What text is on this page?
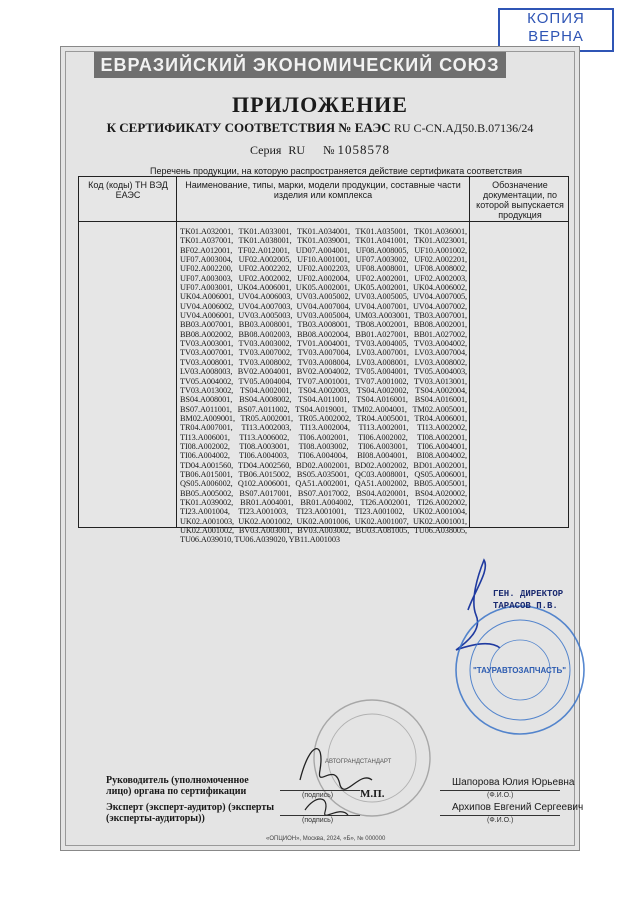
КОПИЯ
ВЕРНА
ЕВРАЗИЙСКИЙ ЭКОНОМИЧЕСКИЙ СОЮЗ
ПРИЛОЖЕНИЕ
К СЕРТИФИКАТУ СООТВЕТСТВИЯ № ЕАЭС RU С-CN.АД50.В.07136/24
Серия RU № 1058578
Перечень продукции, на которую распространяется действие сертификата соответствия
Код (коды) ТН ВЭД ЕАЭС
Наименование, типы, марки, модели продукции, составные части изделия или комплекса
Обозначение документации, по которой выпускается продукция
TK01.A032001, TK01.A033001, TK01.A034001, TK01.A035001, TK01.A036001, TK01.A037001, TK01.A038001, TK01.A039001, TK01.A041001, TK01.A023001, BF02.A012001, TF02.A012001, UD07.A004001, UF08.A008005, UF10.A001002, UF07.A003004, UF02.A002005, UF10.A001001, UF07.A003002, UF02.A002201, UF02.A002200, UF02.A002202, UF02.A002203, UF08.A008001, UF08.A008002, UF07.A003003, UF02.A002002, UF02.A002004, UF02.A002001, UF02.A002003, UF07.A003001, UK04.A006001, UK05.A002001, UK05.A002001, UK04.A006002, UK04.A006001, UV04.A006003, UV03.A005002, UV03.A005005, UV04.A007005, UV04.A006002, UV04.A007003, UV04.A007004, UV04.A007001, UV04.A007002, UV04.A006001, UV03.A005003, UV03.A005004, UM03.A003001, TB03.A007001, BB03.A007001, BB03.A008001, TB03.A008001, TB08.A002001, BB08.A002001, BB08.A002002, BB08.A002003, BB08.A002004, BB01.A027001, BB01.A027002, TV03.A003001, TV03.A003002, TV01.A004001, TV03.A004005, TV03.A004002, TV03.A007001, TV03.A007002, TV03.A007004, LV03.A007001, LV03.A007004, TV03.A008001, TV03.A008002, TV03.A008004, LV03.A008001, LV03.A008002, LV03.A008003, BV02.A004001, BV02.A004002, TV05.A004001, TV05.A004003, TV05.A004002, TV05.A004004, TV07.A001001, TV07.A001002, TV03.A013001, TV03.A013002, TS04.A002001, TS04.A002003, TS04.A002002, TS04.A002004, BS04.A008001, BS04.A008002, TS04.A011001, TS04.A016001, BS04.A016001, BS07.A011001, BS07.A011002, TS04.A019001, TM02.A004001, TM02.A005001, BM02.A009001, TR05.A002001, TR05.A002002, TR04.A005001, TR04.A006001, TR04.A007001, TI13.A002003, TI13.A002004, TI13.A002001, TI13.A002002, TI13.A006001, TI13.A006002, TI06.A002001, TI06.A002002, TI08.A002001, TI08.A002002, TI08.A003001, TI08.A003002, TI06.A003001, TI06.A004001, TI06.A004002, TI06.A004003, TI06.A004004, BI08.A004001, BI08.A004002, TD04.A001560, TD04.A002560, BD02.A002001, BD02.A002002, BD01.A002001, TB06.A015001, TB06.A015002, BS05.A035001, QC03.A008001, QS05.A006001, QS05.A006002, Q102.A006001, QA51.A002001, QA51.A002002, BB05.A005001, BB05.A005002, BS07.A017001, BS07.A017002, BS04.A020001, BS04.A020002, TK01.A039002, BR01.A004001, BR01.A004002, TI26.A002001, TI26.A002002, TI23.A001004, TI23.A001003, TI23.A001001, TI23.A001002, UK02.A001004, UK02.A001003, UK02.A001002, UK02.A001006, UK02.A001007, UK02.A001001, UK02.A001002, BV03.A003001, BV03.A003002, BU03.A081005, TU06.A038005, TU06.A039010, TU06.A039020, YB11.A001003
ГЕН. ДИРЕКТОР
ТАРАСОВ П.В.
"ТАУРАВТОЗАПЧАСТЬ"
АВТОГРАНДСТАНДАРТ
Руководитель (уполномоченное лицо) органа по сертификации
Эксперт (эксперт-аудитор) (эксперты (эксперты-аудиторы))
(подпись)	(Ф.И.О.)
(подпись)	(Ф.И.О.)
Шапорова Юлия Юрьевна
Архипов Евгений Сергеевич
М.П.
«ОПЦИОН», Москва, 2024, «Б», № 000000
